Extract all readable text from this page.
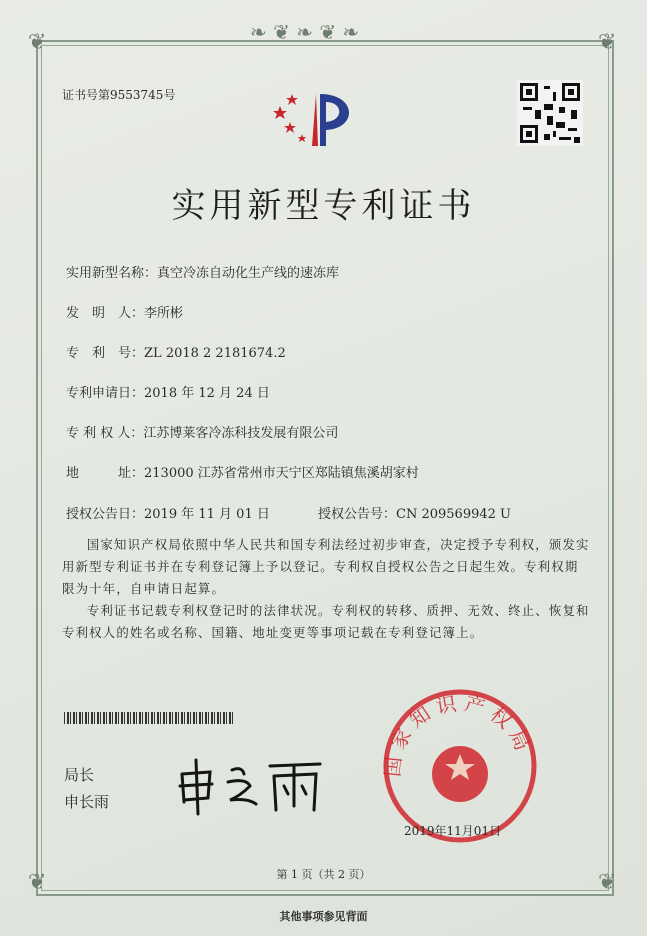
❦	❦
❦	❦
❧ ❦ ❧ ❦ ❧
证书号第9553745号
实用新型专利证书
实用新型名称：真空冷冻自动化生产线的速冻库
发　明　人：李所彬
专　利　号：ZL 2018 2 2181674.2
专利申请日：2018 年 12 月 24 日
专 利 权 人：江苏博莱客冷冻科技发展有限公司
地　　　址：213000 江苏省常州市天宁区郑陆镇焦溪胡家村
授权公告日：2019 年 11 月 01 日	授权公告号：CN 209569942 U
国家知识产权局依照中华人民共和国专利法经过初步审查，决定授予专利权，颁发实用新型专利证书并在专利登记簿上予以登记。专利权自授权公告之日起生效。专利权期限为十年，自申请日起算。
专利证书记载专利权登记时的法律状况。专利权的转移、质押、无效、终止、恢复和专利权人的姓名或名称、国籍、地址变更等事项记载在专利登记簿上。
局长
申长雨
国家知识产权局
2019年11月01日
第 1 页（共 2 页）
其他事项参见背面
